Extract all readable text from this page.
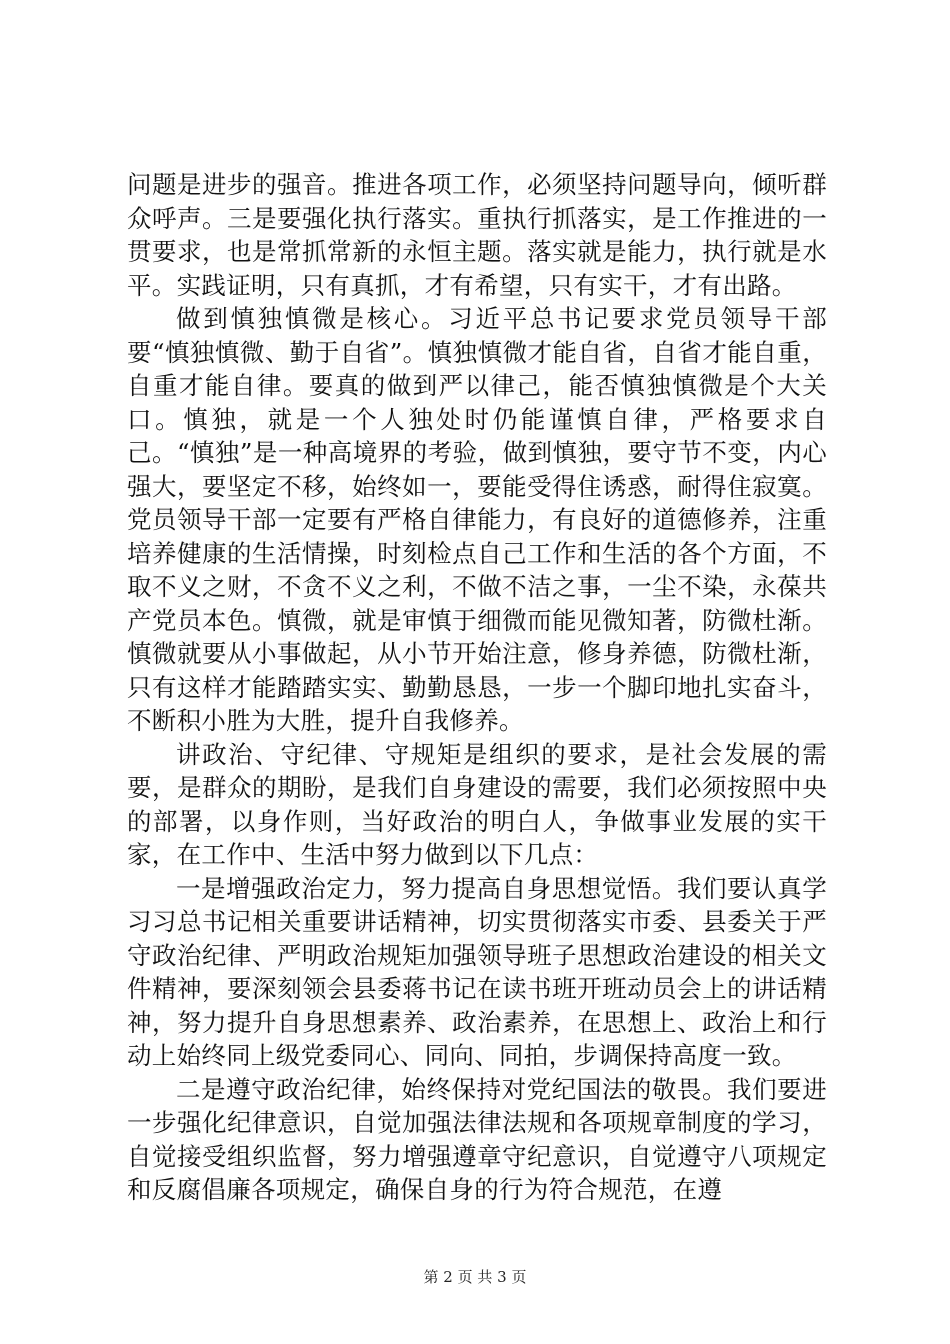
问题是进步的强音。推进各项工作，必须坚持问题导向，倾听群众呼声。三是要强化执行落实。重执行抓落实，是工作推进的一贯要求，也是常抓常新的永恒主题。落实就是能力，执行就是水平。实践证明，只有真抓，才有希望，只有实干，才有出路。

做到慎独慎微是核心。习近平总书记要求党员领导干部要“慎独慎微、勤于自省”。慎独慎微才能自省，自省才能自重，自重才能自律。要真的做到严以律己，能否慎独慎微是个大关口。慎独，就是一个人独处时仍能谨慎自律，严格要求自己。“慎独”是一种高境界的考验，做到慎独，要守节不变，内心强大，要坚定不移，始终如一，要能受得住诱惑，耐得住寂寞。党员领导干部一定要有严格自律能力，有良好的道德修养，注重培养健康的生活情操，时刻检点自己工作和生活的各个方面，不取不义之财，不贪不义之利，不做不洁之事，一尘不染，永葆共产党员本色。慎微，就是审慎于细微而能见微知著，防微杜渐。慎微就要从小事做起，从小节开始注意，修身养德，防微杜渐，只有这样才能踏踏实实、勤勤恳恳，一步一个脚印地扎实奋斗，不断积小胜为大胜，提升自我修养。

讲政治、守纪律、守规矩是组织的要求，是社会发展的需要，是群众的期盼，是我们自身建设的需要，我们必须按照中央的部署，以身作则，当好政治的明白人，争做事业发展的实干家，在工作中、生活中努力做到以下几点：

一是增强政治定力，努力提高自身思想觉悟。我们要认真学习习总书记相关重要讲话精神，切实贯彻落实市委、县委关于严守政治纪律、严明政治规矩加强领导班子思想政治建设的相关文件精神，要深刻领会县委蒋书记在读书班开班动员会上的讲话精神，努力提升自身思想素养、政治素养，在思想上、政治上和行动上始终同上级党委同心、同向、同拍，步调保持高度一致。

二是遵守政治纪律，始终保持对党纪国法的敬畏。我们要进一步强化纪律意识，自觉加强法律法规和各项规章制度的学习，自觉接受组织监督，努力增强遵章守纪意识，自觉遵守八项规定和反腐倡廉各项规定，确保自身的行为符合规范，在遵

第 2 页 共 3 页
